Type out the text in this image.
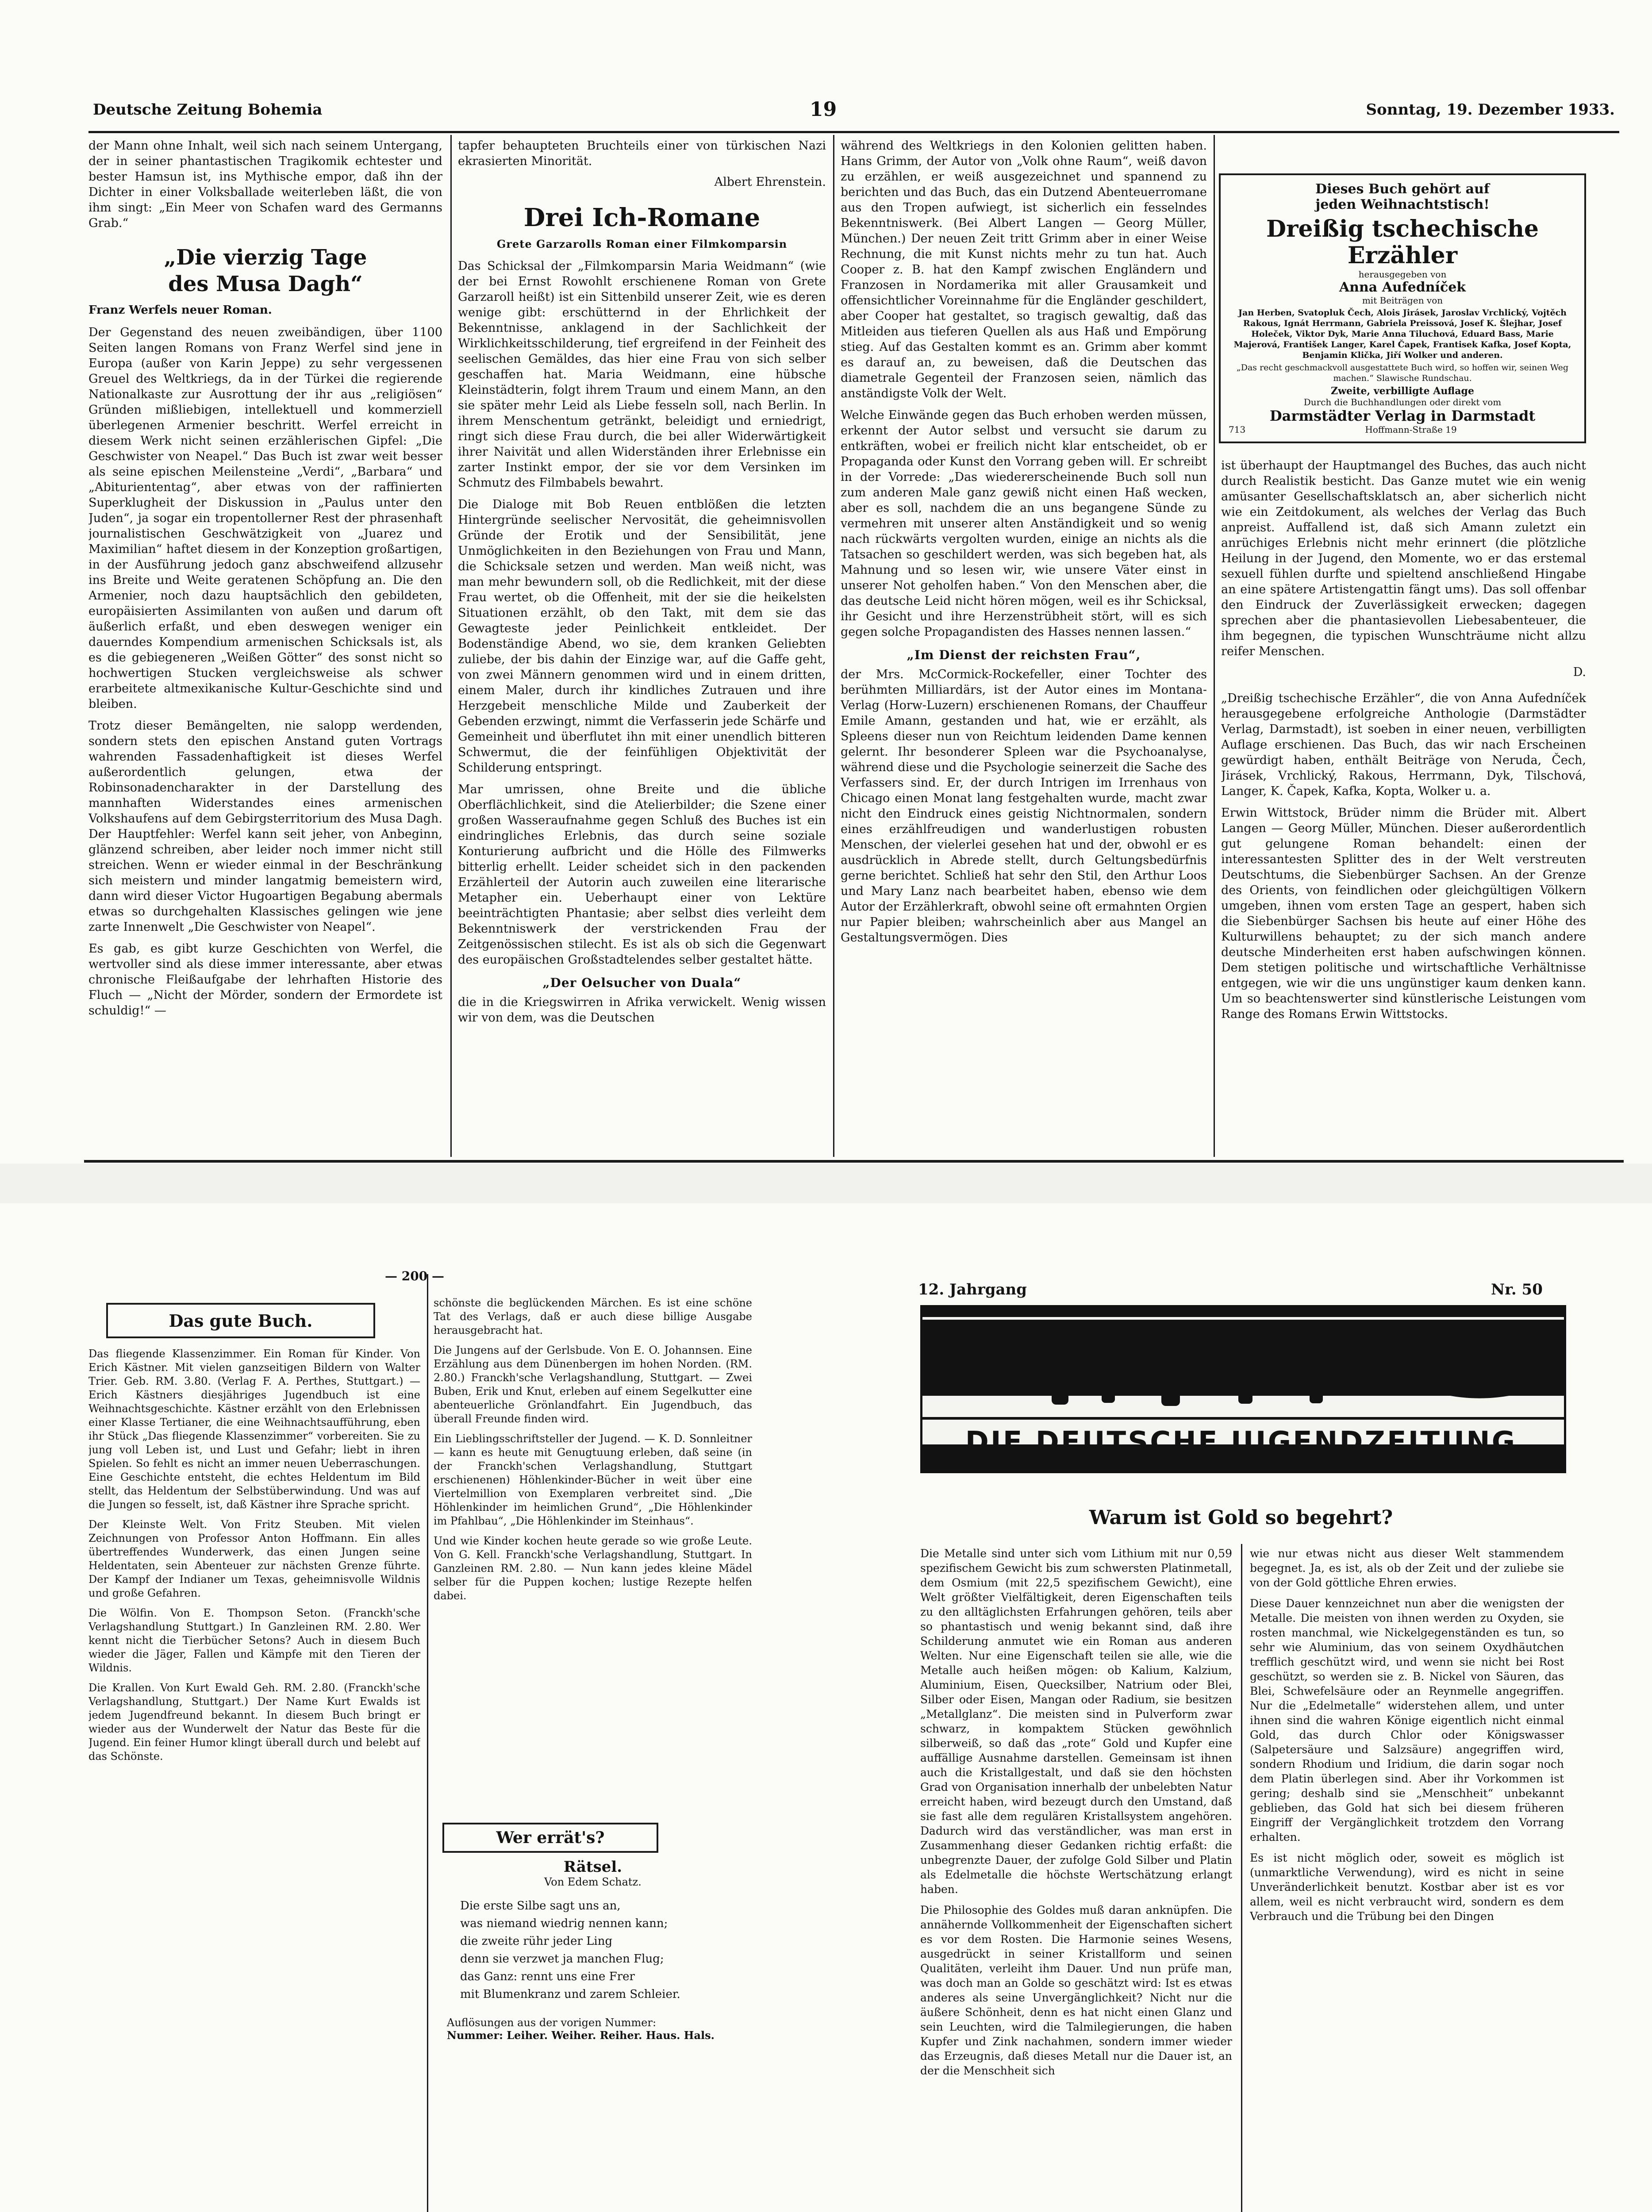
Deutsche Zeitung Bohemia	19	Sonntag, 19. Dezember 1933.

der Mann ohne Inhalt, weil sich nach seinem Untergang, der in seiner phantastischen Tragikomik echtester und bester Hamsun ist, ins Mythische empor, daß ihn der Dichter in einer Volksballade weiterleben läßt, die von ihm singt: „Ein Meer von Schafen ward des Germanns Grab.“

„Die vierzig Tage
des Musa Dagh“
Franz Werfels neuer Roman.

Der Gegenstand des neuen zweibändigen, über 1100 Seiten langen Romans von Franz Werfel sind jene in Europa (außer von Karin Jeppe) zu sehr vergessenen Greuel des Weltkriegs, da in der Türkei die regierende Nationalkaste zur Ausrottung der ihr aus „religiösen“ Gründen mißliebigen, intellektuell und kommerziell überlegenen Armenier beschritt. Werfel erreicht in diesem Werk nicht seinen erzählerischen Gipfel: „Die Geschwister von Neapel.“ Das Buch ist zwar weit besser als seine epischen Meilensteine „Verdi“, „Barbara“ und „Abituriententag“, aber etwas von der raffinierten Superklugheit der Diskussion in „Paulus unter den Juden“, ja sogar ein tropentollerner Rest der phrasenhaft journalistischen Geschwätzigkeit von „Juarez und Maximilian“ haftet diesem in der Konzeption großartigen, in der Ausführung jedoch ganz abschweifend allzusehr ins Breite und Weite geratenen Schöpfung an. Die den Armenier, noch dazu hauptsächlich den gebildeten, europäisierten Assimilanten von außen und darum oft äußerlich erfaßt, und eben deswegen weniger ein dauerndes Kompendium armenischen Schicksals ist, als es die gebiegeneren „Weißen Götter“ des sonst nicht so hochwertigen Stucken vergleichsweise als schwer erarbeitete altmexikanische Kultur-Geschichte sind und bleiben.

Trotz dieser Bemängelten, nie salopp werdenden, sondern stets den epischen Anstand guten Vortrags wahrenden Fassadenhaftigkeit ist dieses Werfel außerordentlich gelungen, etwa der Robinsonadencharakter in der Darstellung des mannhaften Widerstandes eines armenischen Volkshaufens auf dem Gebirgsterritorium des Musa Dagh. Der Hauptfehler: Werfel kann seit jeher, von Anbeginn, glänzend schreiben, aber leider noch immer nicht still streichen. Wenn er wieder einmal in der Beschränkung sich meistern und minder langatmig bemeistern wird, dann wird dieser Victor Hugoartigen Begabung abermals etwas so durchgehalten Klassisches gelingen wie jene zarte Innenwelt „Die Geschwister von Neapel“.

Es gab, es gibt kurze Geschichten von Werfel, die wertvoller sind als diese immer interessante, aber etwas chronische Fleißaufgabe der lehrhaften Historie des Fluch — „Nicht der Mörder, sondern der Ermordete ist schuldig!“ —

tapfer behaupteten Bruchteils einer von türkischen Nazi ekrasierten Minorität.

Albert Ehrenstein.
Drei Ich-Romane
Grete Garzarolls Roman einer Filmkomparsin

Das Schicksal der „Filmkomparsin Maria Weidmann“ (wie der bei Ernst Rowohlt erschienene Roman von Grete Garzaroll heißt) ist ein Sittenbild unserer Zeit, wie es deren wenige gibt: erschütternd in der Ehrlichkeit der Bekenntnisse, anklagend in der Sachlichkeit der Wirklichkeitsschilderung, tief ergreifend in der Feinheit des seelischen Gemäldes, das hier eine Frau von sich selber geschaffen hat. Maria Weidmann, eine hübsche Kleinstädterin, folgt ihrem Traum und einem Mann, an den sie später mehr Leid als Liebe fesseln soll, nach Berlin. In ihrem Menschentum getränkt, beleidigt und erniedrigt, ringt sich diese Frau durch, die bei aller Widerwärtigkeit ihrer Naivität und allen Widerständen ihrer Erlebnisse ein zarter Instinkt empor, der sie vor dem Versinken im Schmutz des Filmbabels bewahrt.

Die Dialoge mit Bob Reuen entblößen die letzten Hintergründe seelischer Nervosität, die geheimnisvollen Gründe der Erotik und der Sensibilität, jene Unmöglichkeiten in den Beziehungen von Frau und Mann, die Schicksale setzen und werden. Man weiß nicht, was man mehr bewundern soll, ob die Redlichkeit, mit der diese Frau wertet, ob die Offenheit, mit der sie die heikelsten Situationen erzählt, ob den Takt, mit dem sie das Gewagteste jeder Peinlichkeit entkleidet. Der Bodenständige Abend, wo sie, dem kranken Geliebten zuliebe, der bis dahin der Einzige war, auf die Gaffe geht, von zwei Männern genommen wird und in einem dritten, einem Maler, durch ihr kindliches Zutrauen und ihre Herzgebeit menschliche Milde und Zauberkeit der Gebenden erzwingt, nimmt die Verfasserin jede Schärfe und Gemeinheit und überflutet ihn mit einer unendlich bitteren Schwermut, die der feinfühligen Objektivität der Schilderung entspringt.

Mar umrissen, ohne Breite und die übliche Oberflächlichkeit, sind die Atelierbilder; die Szene einer großen Wasseraufnahme gegen Schluß des Buches ist ein eindringliches Erlebnis, das durch seine soziale Konturierung aufbricht und die Hölle des Filmwerks bitterlig erhellt. Leider scheidet sich in den packenden Erzählerteil der Autorin auch zuweilen eine literarische Metapher ein. Ueberhaupt einer von Lektüre beeinträchtigten Phantasie; aber selbst dies verleiht dem Bekenntniswerk der verstrickenden Frau der Zeitgenössischen stilecht. Es ist als ob sich die Gegenwart des europäischen Großstadtelendes selber gestaltet hätte.

„Der Oelsucher von Duala“

die in die Kriegswirren in Afrika verwickelt. Wenig wissen wir von dem, was die Deutschen

während des Weltkriegs in den Kolonien gelitten haben. Hans Grimm, der Autor von „Volk ohne Raum“, weiß davon zu erzählen, er weiß ausgezeichnet und spannend zu berichten und das Buch, das ein Dutzend Abenteuerromane aus den Tropen aufwiegt, ist sicherlich ein fesselndes Bekenntniswerk. (Bei Albert Langen — Georg Müller, München.) Der neuen Zeit tritt Grimm aber in einer Weise Rechnung, die mit Kunst nichts mehr zu tun hat. Auch Cooper z. B. hat den Kampf zwischen Engländern und Franzosen in Nordamerika mit aller Grausamkeit und offensichtlicher Voreinnahme für die Engländer geschildert, aber Cooper hat gestaltet, so tragisch gewaltig, daß das Mitleiden aus tieferen Quellen als aus Haß und Empörung stieg. Auf das Gestalten kommt es an. Grimm aber kommt es darauf an, zu beweisen, daß die Deutschen das diametrale Gegenteil der Franzosen seien, nämlich das anständigste Volk der Welt.

Welche Einwände gegen das Buch erhoben werden müssen, erkennt der Autor selbst und versucht sie darum zu entkräften, wobei er freilich nicht klar entscheidet, ob er Propaganda oder Kunst den Vorrang geben will. Er schreibt in der Vorrede: „Das wiedererscheinende Buch soll nun zum anderen Male ganz gewiß nicht einen Haß wecken, aber es soll, nachdem die an uns begangene Sünde zu vermehren mit unserer alten Anständigkeit und so wenig nach rückwärts vergolten wurden, einige an nichts als die Tatsachen so geschildert werden, was sich begeben hat, als Mahnung und so lesen wir, wie unsere Väter einst in unserer Not geholfen haben.“ Von den Menschen aber, die das deutsche Leid nicht hören mögen, weil es ihr Schicksal, ihr Gesicht und ihre Herzenstrübheit stört, will es sich gegen solche Propagandisten des Hasses nennen lassen.“

„Im Dienst der reichsten Frau“,

der Mrs. McCormick-Rockefeller, einer Tochter des berühmten Milliardärs, ist der Autor eines im Montana-Verlag (Horw-Luzern) erschienenen Romans, der Chauffeur Emile Amann, gestanden und hat, wie er erzählt, als Spleens dieser nun von Reichtum leidenden Dame kennen gelernt. Ihr besonderer Spleen war die Psychoanalyse, während diese und die Psychologie seinerzeit die Sache des Verfassers sind. Er, der durch Intrigen im Irrenhaus von Chicago einen Monat lang festgehalten wurde, macht zwar nicht den Eindruck eines geistig Nichtnormalen, sondern eines erzählfreudigen und wanderlustigen robusten Menschen, der vielerlei gesehen hat und der, obwohl er es ausdrücklich in Abrede stellt, durch Geltungsbedürfnis gerne berichtet. Schließ hat sehr den Stil, den Arthur Loos und Mary Lanz nach bearbeitet haben, ebenso wie dem Autor der Erzählerkraft, obwohl seine oft ermahnten Orgien nur Papier bleiben; wahrscheinlich aber aus Mangel an Gestaltungsvermögen. Dies

Dieses Buch gehört auf
jeden Weihnachtstisch!
Dreißig tschechische Erzähler
herausgegeben von
Anna Aufedníček
mit Beiträgen von
Jan Herben, Svatopluk Čech, Alois Jirásek, Jaroslav Vrchlický, Vojtěch Rakous, Ignát Herrmann, Gabriela Preissová, Josef K. Šlejhar, Josef Holeček, Viktor Dyk, Marie Anna Tiluchová, Eduard Bass, Marie Majerová, František Langer, Karel Čapek, Frantisek Kafka, Josef Kopta, Benjamin Klička, Jiří Wolker und anderen.
„Das recht geschmackvoll ausgestattete Buch wird, so hoffen wir, seinen Weg machen.“ Slawische Rundschau.
Zweite, verbilligte Auflage
Durch die Buchhandlungen oder direkt vom
Darmstädter Verlag in Darmstadt
713	Hoffmann-Straße 19

ist überhaupt der Hauptmangel des Buches, das auch nicht durch Realistik besticht. Das Ganze mutet wie ein wenig amüsanter Gesellschaftsklatsch an, aber sicherlich nicht wie ein Zeitdokument, als welches der Verlag das Buch anpreist. Auffallend ist, daß sich Amann zuletzt ein anrüchiges Erlebnis nicht mehr erinnert (die plötzliche Heilung in der Jugend, den Momente, wo er das erstemal sexuell fühlen durfte und spieltend anschließend Hingabe an eine spätere Artistengattin fängt ums). Das soll offenbar den Eindruck der Zuverlässigkeit erwecken; dagegen sprechen aber die phantasievollen Liebesabenteuer, die ihm begegnen, die typischen Wunschträume nicht allzu reifer Menschen.

D.

„Dreißig tschechische Erzähler“, die von Anna Aufedníček herausgegebene erfolgreiche Anthologie (Darmstädter Verlag, Darmstadt), ist soeben in einer neuen, verbilligten Auflage erschienen. Das Buch, das wir nach Erscheinen gewürdigt haben, enthält Beiträge von Neruda, Čech, Jirásek, Vrchlický, Rakous, Herrmann, Dyk, Tilschová, Langer, K. Čapek, Kafka, Kopta, Wolker u. a.

Erwin Wittstock, Brüder nimm die Brüder mit. Albert Langen — Georg Müller, München. Dieser außerordentlich gut gelungene Roman behandelt: einen der interessantesten Splitter des in der Welt verstreuten Deutschtums, die Siebenbürger Sachsen. An der Grenze des Orients, von feindlichen oder gleichgültigen Völkern umgeben, ihnen vom ersten Tage an gespert, haben sich die Siebenbürger Sachsen bis heute auf einer Höhe des Kulturwillens behauptet; zu der sich manch andere deutsche Minderheiten erst haben aufschwingen können. Dem stetigen politische und wirtschaftliche Verhältnisse entgegen, wie wir die uns ungünstiger kaum denken kann. Um so beachtenswerter sind künstlerische Leistungen vom Range des Romans Erwin Wittstocks.

— 200 —
Das gute Buch.

Das fliegende Klassenzimmer. Ein Roman für Kinder. Von Erich Kästner. Mit vielen ganzseitigen Bildern von Walter Trier. Geb. RM. 3.80. (Verlag F. A. Perthes, Stuttgart.) — Erich Kästners diesjähriges Jugendbuch ist eine Weihnachtsgeschichte. Kästner erzählt von den Erlebnissen einer Klasse Tertianer, die eine Weihnachtsaufführung, eben ihr Stück „Das fliegende Klassenzimmer“ vorbereiten. Sie zu jung voll Leben ist, und Lust und Gefahr; liebt in ihren Spielen. So fehlt es nicht an immer neuen Ueberraschungen. Eine Geschichte entsteht, die echtes Heldentum im Bild stellt, das Heldentum der Selbstüberwindung. Und was auf die Jungen so fesselt, ist, daß Kästner ihre Sprache spricht.

Der Kleinste Welt. Von Fritz Steuben. Mit vielen Zeichnungen von Professor Anton Hoffmann. Ein alles übertreffendes Wunderwerk, das einen Jungen seine Heldentaten, sein Abenteuer zur nächsten Grenze führte. Der Kampf der Indianer um Texas, geheimnisvolle Wildnis und große Gefahren.

Die Wölfin. Von E. Thompson Seton. (Franckh'sche Verlagshandlung Stuttgart.) In Ganzleinen RM. 2.80. Wer kennt nicht die Tierbücher Setons? Auch in diesem Buch wieder die Jäger, Fallen und Kämpfe mit den Tieren der Wildnis.

Die Krallen. Von Kurt Ewald Geh. RM. 2.80. (Franckh'sche Verlagshandlung, Stuttgart.) Der Name Kurt Ewalds ist jedem Jugendfreund bekannt. In diesem Buch bringt er wieder aus der Wunderwelt der Natur das Beste für die Jugend. Ein feiner Humor klingt überall durch und belebt auf das Schönste.

schönste die beglückenden Märchen. Es ist eine schöne Tat des Verlags, daß er auch diese billige Ausgabe herausgebracht hat.

Die Jungens auf der Gerlsbude. Von E. O. Johannsen. Eine Erzählung aus dem Dünenbergen im hohen Norden. (RM. 2.80.) Franckh'sche Verlagshandlung, Stuttgart. — Zwei Buben, Erik und Knut, erleben auf einem Segelkutter eine abenteuerliche Grönlandfahrt. Ein Jugendbuch, das überall Freunde finden wird.

Ein Lieblingsschriftsteller der Jugend. — K. D. Sonnleitner — kann es heute mit Genugtuung erleben, daß seine (in der Franckh'schen Verlagshandlung, Stuttgart erschienenen) Höhlenkinder-Bücher in weit über eine Viertelmillion von Exemplaren verbreitet sind. „Die Höhlenkinder im heimlichen Grund“, „Die Höhlenkinder im Pfahlbau“, „Die Höhlenkinder im Steinhaus“.

Und wie Kinder kochen heute gerade so wie große Leute. Von G. Kell. Franckh'sche Verlagshandlung, Stuttgart. In Ganzleinen RM. 2.80. — Nun kann jedes kleine Mädel selber für die Puppen kochen; lustige Rezepte helfen dabei.

Wer errät's?
Rätsel.
Von Edem Schatz.
Die erste Silbe sagt uns an,
was niemand wiedrig nennen kann;
die zweite rühr jeder Ling
denn sie verzwet ja manchen Flug;
das Ganz: rennt uns eine Frer
mit Blumenkranz und zarem Schleier.
Auflösungen aus der vorigen Nummer:
Nummer: Leiher. Weiher. Reiher. Haus. Hals.
12. Jahrgang	Nr. 50
DIE DEUTSCHE JUGENDZEITUNG
Warum ist Gold so begehrt?

Die Metalle sind unter sich vom Lithium mit nur 0,59 spezifischem Gewicht bis zum schwersten Platinmetall, dem Osmium (mit 22,5 spezifischem Gewicht), eine Welt größter Vielfältigkeit, deren Eigenschaften teils zu den alltäglichsten Erfahrungen gehören, teils aber so phantastisch und wenig bekannt sind, daß ihre Schilderung anmutet wie ein Roman aus anderen Welten. Nur eine Eigenschaft teilen sie alle, wie die Metalle auch heißen mögen: ob Kalium, Kalzium, Aluminium, Eisen, Quecksilber, Natrium oder Blei, Silber oder Eisen, Mangan oder Radium, sie besitzen „Metallglanz“. Die meisten sind in Pulverform zwar schwarz, in kompaktem Stücken gewöhnlich silberweiß, so daß das „rote“ Gold und Kupfer eine auffällige Ausnahme darstellen. Gemeinsam ist ihnen auch die Kristallgestalt, und daß sie den höchsten Grad von Organisation innerhalb der unbelebten Natur erreicht haben, wird bezeugt durch den Umstand, daß sie fast alle dem regulären Kristallsystem angehören. Dadurch wird das verständlicher, was man erst in Zusammenhang dieser Gedanken richtig erfaßt: die unbegrenzte Dauer, der zufolge Gold Silber und Platin als Edelmetalle die höchste Wertschätzung erlangt haben.

Die Philosophie des Goldes muß daran anknüpfen. Die annähernde Vollkommenheit der Eigenschaften sichert es vor dem Rosten. Die Harmonie seines Wesens, ausgedrückt in seiner Kristallform und seinen Qualitäten, verleiht ihm Dauer. Und nun prüfe man, was doch man an Golde so geschätzt wird: Ist es etwas anderes als seine Unvergänglichkeit? Nicht nur die äußere Schönheit, denn es hat nicht einen Glanz und sein Leuchten, wird die Talmilegierungen, die haben Kupfer und Zink nachahmen, sondern immer wieder das Erzeugnis, daß dieses Metall nur die Dauer ist, an der die Menschheit sich

wie nur etwas nicht aus dieser Welt stammendem begegnet. Ja, es ist, als ob der Zeit und der zuliebe sie von der Gold göttliche Ehren erwies.

Diese Dauer kennzeichnet nun aber die wenigsten der Metalle. Die meisten von ihnen werden zu Oxyden, sie rosten manchmal, wie Nickelgegenständen es tun, so sehr wie Aluminium, das von seinem Oxydhäutchen trefflich geschützt wird, und wenn sie nicht bei Rost geschützt, so werden sie z. B. Nickel von Säuren, das Blei, Schwefelsäure oder an Reynmelle angegriffen. Nur die „Edelmetalle“ widerstehen allem, und unter ihnen sind die wahren Könige eigentlich nicht einmal Gold, das durch Chlor oder Königswasser (Salpetersäure und Salzsäure) angegriffen wird, sondern Rhodium und Iridium, die darin sogar noch dem Platin überlegen sind. Aber ihr Vorkommen ist gering; deshalb sind sie „Menschheit“ unbekannt geblieben, das Gold hat sich bei diesem früheren Eingriff der Vergänglichkeit trotzdem den Vorrang erhalten.

Es ist nicht möglich oder, soweit es möglich ist (unmarktliche Verwendung), wird es nicht in seine Unveränderlichkeit benutzt. Kostbar aber ist es vor allem, weil es nicht verbraucht wird, sondern es dem Verbrauch und die Trübung bei den Dingen
